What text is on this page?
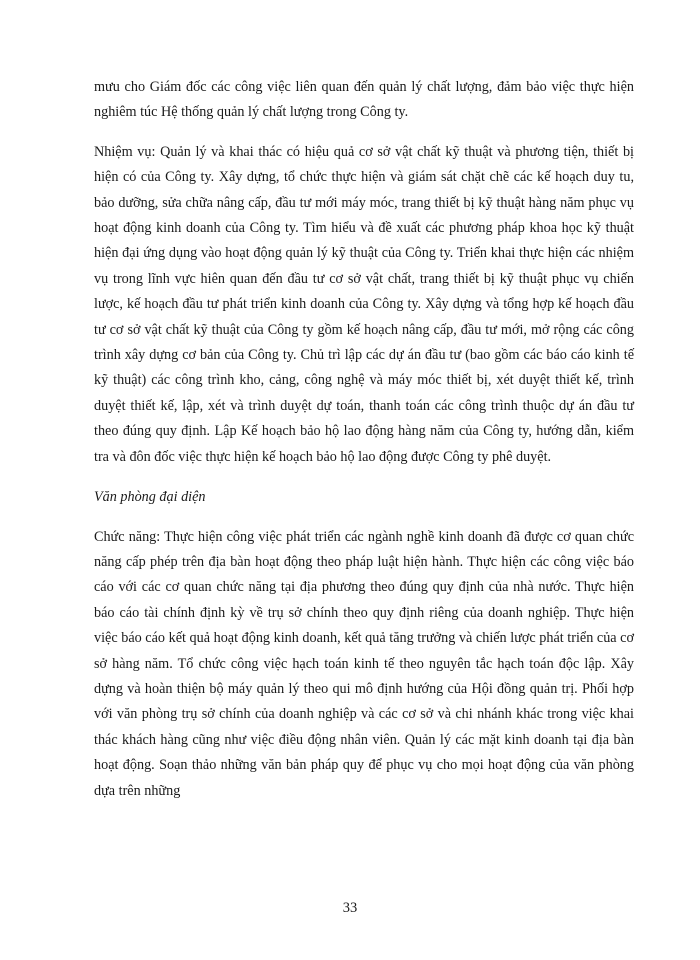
mưu cho Giám đốc các công việc liên quan đến quản lý chất lượng, đảm bảo việc thực hiện nghiêm túc Hệ thống quản lý chất lượng trong Công ty.

Nhiệm vụ: Quản lý và khai thác có hiệu quả cơ sở vật chất kỹ thuật và phương tiện, thiết bị hiện có của Công ty. Xây dựng, tổ chức thực hiện và giám sát chặt chẽ các kế hoạch duy tu, bảo dưỡng, sửa chữa nâng cấp, đầu tư mới máy móc, trang thiết bị kỹ thuật hàng năm phục vụ hoạt động kinh doanh của Công ty. Tìm hiểu và đề xuất các phương pháp khoa học kỹ thuật hiện đại ứng dụng vào hoạt động quản lý kỹ thuật của Công ty. Triển khai thực hiện các nhiệm vụ trong lĩnh vực hiên quan đến đầu tư cơ sở vật chất, trang thiết bị kỹ thuật phục vụ chiến lược, kế hoạch đầu tư phát triển kinh doanh của Công ty. Xây dựng và tổng hợp kế hoạch đầu tư cơ sở vật chất kỹ thuật của Công ty gồm kế hoạch nâng cấp, đầu tư mới, mở rộng các công trình xây dựng cơ bản của Công ty. Chủ trì lập các dự án đầu tư (bao gồm các báo cáo kinh tế kỹ thuật) các công trình kho, cảng, công nghệ và máy móc thiết bị, xét duyệt thiết kế, trình duyệt thiết kế, lập, xét và trình duyệt dự toán, thanh toán các công trình thuộc dự án đầu tư theo đúng quy định. Lập Kế hoạch bảo hộ lao động hàng năm của Công ty, hướng dẫn, kiểm tra và đôn đốc việc thực hiện kế hoạch bảo hộ lao động được Công ty phê duyệt.

Văn phòng đại diện

Chức năng: Thực hiện công việc phát triển các ngành nghề kinh doanh đã được cơ quan chức năng cấp phép trên địa bàn hoạt động theo pháp luật hiện hành. Thực hiện các công việc báo cáo với các cơ quan chức năng tại địa phương theo đúng quy định của nhà nước. Thực hiện báo cáo tài chính định kỳ về trụ sở chính theo quy định riêng của doanh nghiệp. Thực hiện việc báo cáo kết quả hoạt động kinh doanh, kết quả tăng trưởng và chiến lược phát triển của cơ sở hàng năm. Tổ chức công việc hạch toán kinh tế theo nguyên tắc hạch toán độc lập. Xây dựng và hoàn thiện bộ máy quản lý theo qui mô định hướng của Hội đồng quản trị. Phối hợp với văn phòng trụ sở chính của doanh nghiệp và các cơ sở và chi nhánh khác trong việc khai thác khách hàng cũng như việc điều động nhân viên. Quản lý các mặt kinh doanh tại địa bàn hoạt động. Soạn thảo những văn bản pháp quy để phục vụ cho mọi hoạt động của văn phòng dựa trên những

33
